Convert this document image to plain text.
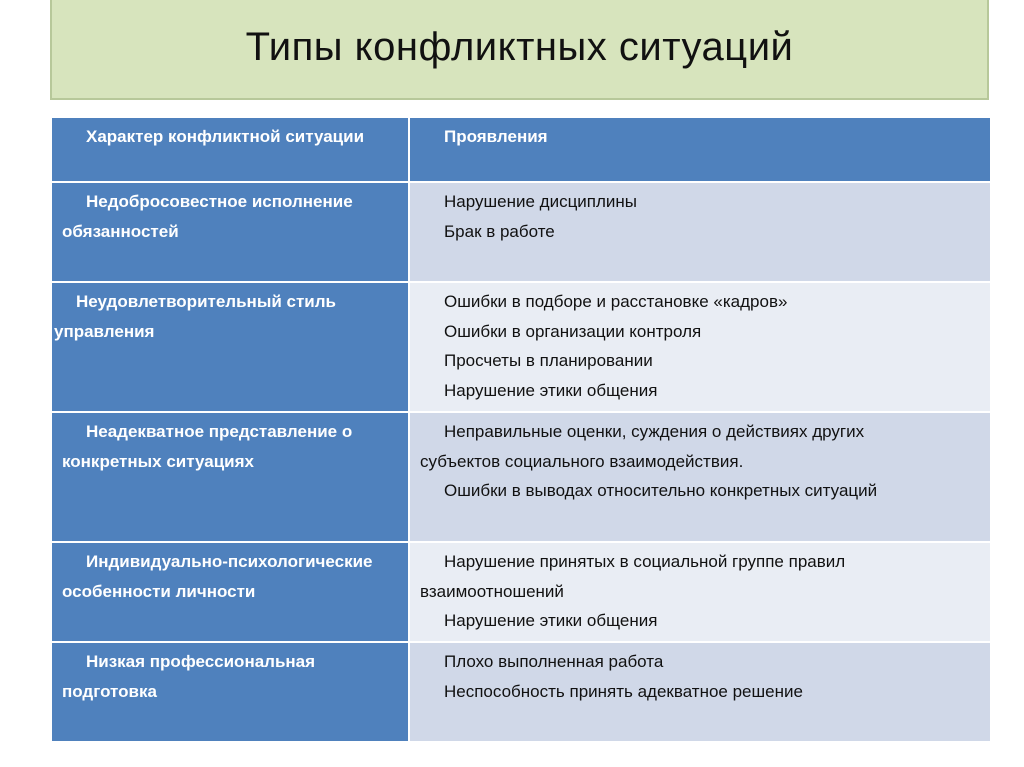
Типы конфликтных ситуаций
Характер конфликтной ситуации	Проявления

Недобросовестное исполнение
обязанностей	Нарушение дисциплины
Брак в работе

Неудовлетворительный стиль
управления	Ошибки в подборе и расстановке «кадров»
Ошибки в организации контроля
Просчеты в планировании
Нарушение этики общения

Неадекватное представление о
конкретных ситуациях	Неправильные оценки, суждения о действиях других
субъектов социального взаимодействия.
Ошибки в выводах относительно конкретных ситуаций

Индивидуально-психологические
особенности личности	Нарушение принятых в социальной группе правил
взаимоотношений
Нарушение этики общения

Низкая профессиональная
подготовка	Плохо выполненная работа
Неспособность принять адекватное решение
